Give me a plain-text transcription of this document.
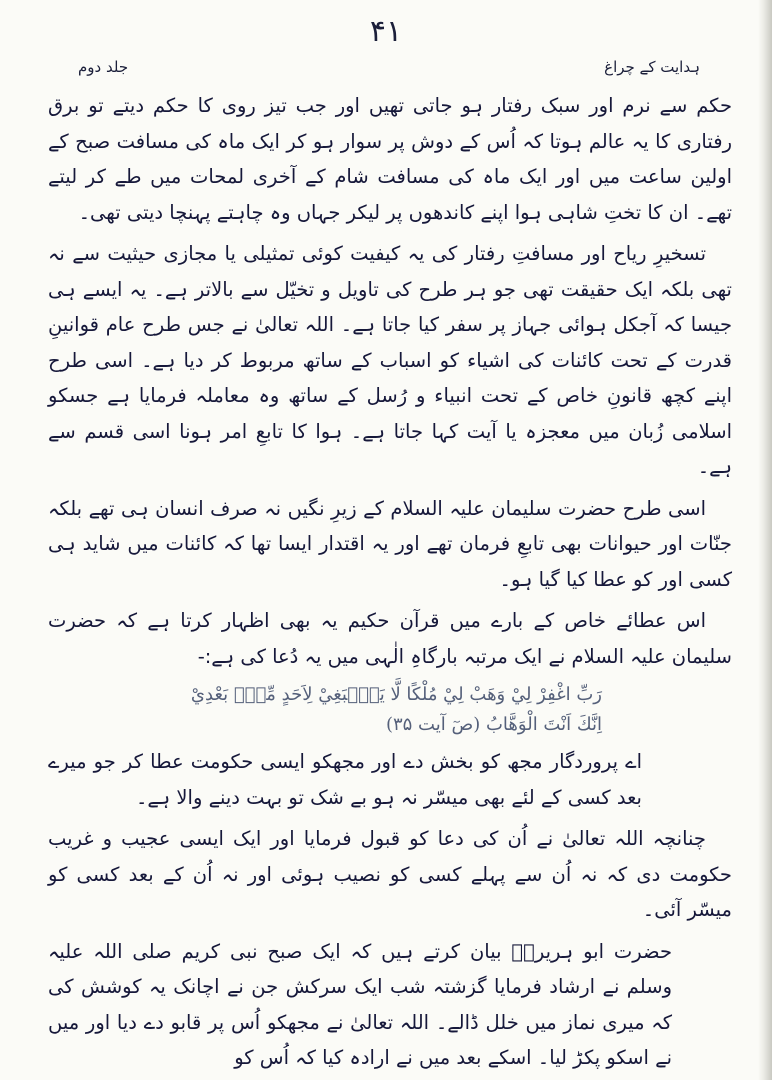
۴۱
ہدایت کے چراغ
جلد دوم

حکم سے نرم اور سبک رفتار ہو جاتی تھیں اور جب تیز روی کا حکم دیتے تو برق رفتاری کا یہ عالم ہوتا کہ اُس کے دوش پر سوار ہو کر ایک ماہ کی مسافت صبح کے اولین ساعت میں اور ایک ماہ کی مسافت شام کے آخری لمحات میں طے کر لیتے تھے۔ ان کا تختِ شاہی ہوا اپنے کاندھوں پر لیکر جہاں وہ چاہتے پہنچا دیتی تھی۔

تسخیرِ ریاح اور مسافتِ رفتار کی یہ کیفیت کوئی تمثیلی یا مجازی حیثیت سے نہ تھی بلکہ ایک حقیقت تھی جو ہر طرح کی تاویل و تخیّل سے بالاتر ہے۔ یہ ایسے ہی جیسا کہ آجکل ہوائی جہاز پر سفر کیا جاتا ہے۔ اللہ تعالیٰ نے جس طرح عام قوانینِ قدرت کے تحت کائنات کی اشیاء کو اسباب کے ساتھ مربوط کر دیا ہے۔ اسی طرح اپنے کچھ قانونِ خاص کے تحت انبیاء و رُسل کے ساتھ وہ معاملہ فرمایا ہے جسکو اسلامی زُبان میں معجزہ یا آیت کہا جاتا ہے۔ ہوا کا تابعِ امر ہونا اسی قسم سے ہے۔

اسی طرح حضرت سلیمان علیہ السلام کے زیرِ نگیں نہ صرف انسان ہی تھے بلکہ جنّات اور حیوانات بھی تابعِ فرمان تھے اور یہ اقتدار ایسا تھا کہ کائنات میں شاید ہی کسی اور کو عطا کیا گیا ہو۔

اس عطائے خاص کے بارے میں قرآن حکیم یہ بھی اظہار کرتا ہے کہ حضرت سلیمان علیہ السلام نے ایک مرتبہ بارگاہِ الٰہی میں یہ دُعا کی ہے:-

رَبِّ اغْفِرْ لِيْ وَهَبْ لِيْ مُلْكًا لَّا يَنْۢبَغِيْ لِاَحَدٍ مِّنْۢ بَعْدِيْ
اِنَّكَ اَنْتَ الْوَهَّابُ (صٓ آیت ۳۵)

اے پروردگار مجھ کو بخش دے اور مجھکو ایسی حکومت عطا کر جو میرے بعد کسی کے لئے بھی میسّر نہ ہو بے شک تو بہت دینے والا ہے۔

چنانچہ اللہ تعالیٰ نے اُن کی دعا کو قبول فرمایا اور ایک ایسی عجیب و غریب حکومت دی کہ نہ اُن سے پہلے کسی کو نصیب ہوئی اور نہ اُن کے بعد کسی کو میسّر آئی۔

حضرت ابو ہریرہؓ بیان کرتے ہیں کہ ایک صبح نبی کریم صلی اللہ علیہ وسلم نے ارشاد فرمایا گزشتہ شب ایک سرکش جن نے اچانک یہ کوشش کی کہ میری نماز میں خلل ڈالے۔ اللہ تعالیٰ نے مجھکو اُس پر قابو دے دیا اور میں نے اسکو پکڑ لیا۔ اسکے بعد میں نے ارادہ کیا کہ اُس کو
